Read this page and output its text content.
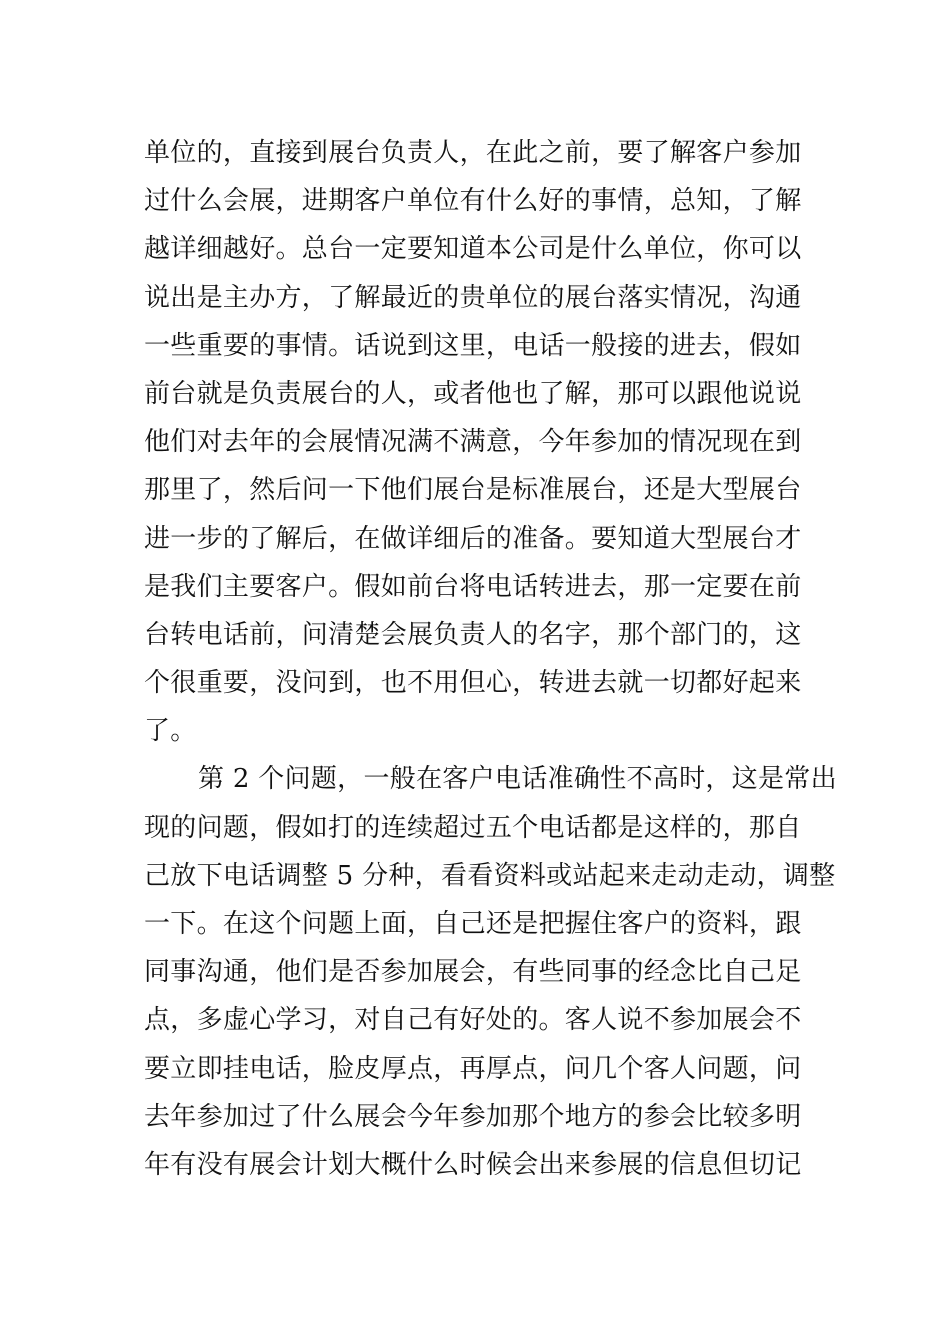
单位的，直接到展台负责人，在此之前，要了解客户参加
过什么会展，进期客户单位有什么好的事情，总知，了解
越详细越好。总台一定要知道本公司是什么单位，你可以
说出是主办方，了解最近的贵单位的展台落实情况，沟通
一些重要的事情。话说到这里，电话一般接的进去，假如
前台就是负责展台的人，或者他也了解，那可以跟他说说
他们对去年的会展情况满不满意，今年参加的情况现在到
那里了，然后问一下他们展台是标准展台，还是大型展台
进一步的了解后，在做详细后的准备。要知道大型展台才
是我们主要客户。假如前台将电话转进去，那一定要在前
台转电话前，问清楚会展负责人的名字，那个部门的，这
个很重要，没问到，也不用但心，转进去就一切都好起来
了。
第 2 个问题，一般在客户电话准确性不高时，这是常出
现的问题，假如打的连续超过五个电话都是这样的，那自
己放下电话调整 5 分种，看看资料或站起来走动走动，调整
一下。在这个问题上面，自己还是把握住客户的资料，跟
同事沟通，他们是否参加展会，有些同事的经念比自己足
点，多虚心学习，对自己有好处的。客人说不参加展会不
要立即挂电话，脸皮厚点，再厚点，问几个客人问题，问
去年参加过了什么展会今年参加那个地方的参会比较多明
年有没有展会计划大概什么时候会出来参展的信息但切记
